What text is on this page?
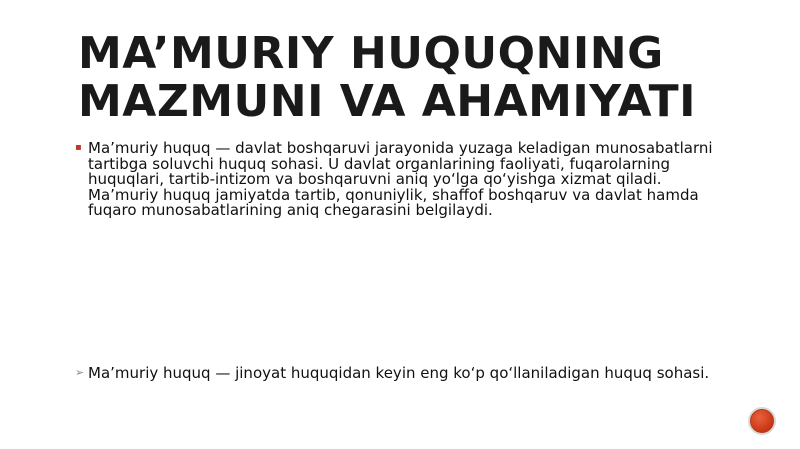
MA’MURIY HUQUQNING MAZMUNI VA AHAMIYATI
▪ Ma’muriy huquq — davlat boshqaruvi jarayonida yuzaga keladigan munosabatlarni tartibga soluvchi huquq sohasi. U davlat organlarining faoliyati, fuqarolarning huquqlari, tartib-intizom va boshqaruvni aniq yo‘lga qo‘yishga xizmat qiladi. Ma’muriy huquq jamiyatda tartib, qonuniylik, shaffof boshqaruv va davlat hamda fuqaro munosabatlarining aniq chegarasini belgilaydi.
➢ Ma’muriy huquq — jinoyat huquqidan keyin eng ko‘p qo‘llaniladigan huquq sohasi.
